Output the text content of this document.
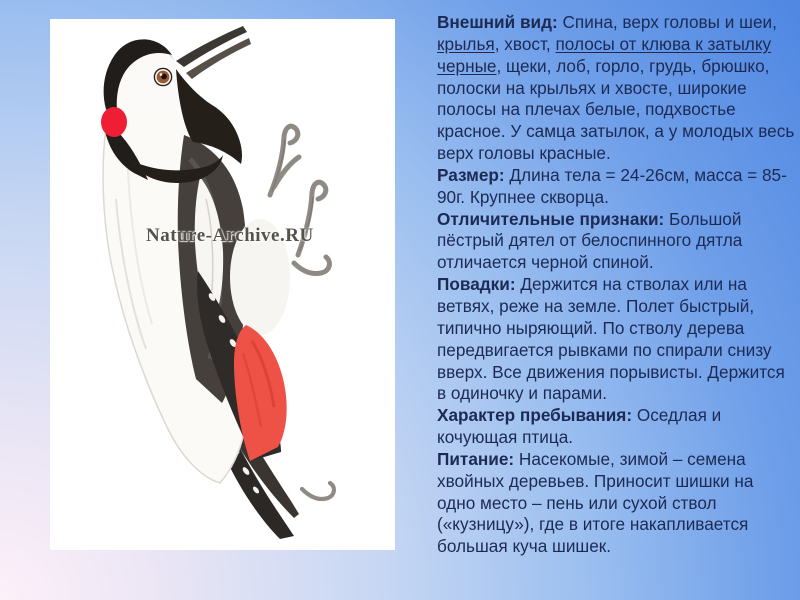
Nature-Archive.RU

Внешний вид: Спина, верх головы и шеи, крылья, хвост, полосы от клюва к затылку черные, щеки, лоб, горло, грудь, брюшко, полоски на крыльях и хвосте, широкие полосы на плечах белые, подхвостье красное. У самца затылок, а у молодых весь верх головы красные.

Размер: Длина тела = 24-26см, масса = 85-90г. Крупнее скворца.

Отличительные признаки: Большой пёстрый дятел от белоспинного дятла отличается черной спиной.

Повадки: Держится на стволах или на ветвях, реже на земле. Полет быстрый, типично ныряющий. По стволу дерева передвигается рывками по спирали снизу вверх. Все движения порывисты. Держится в одиночку и парами.

Характер пребывания: Оседлая и кочующая птица.

Питание: Насекомые, зимой – семена хвойных деревьев. Приносит шишки на одно место – пень или сухой ствол («кузницу»), где в итоге накапливается большая куча шишек.
